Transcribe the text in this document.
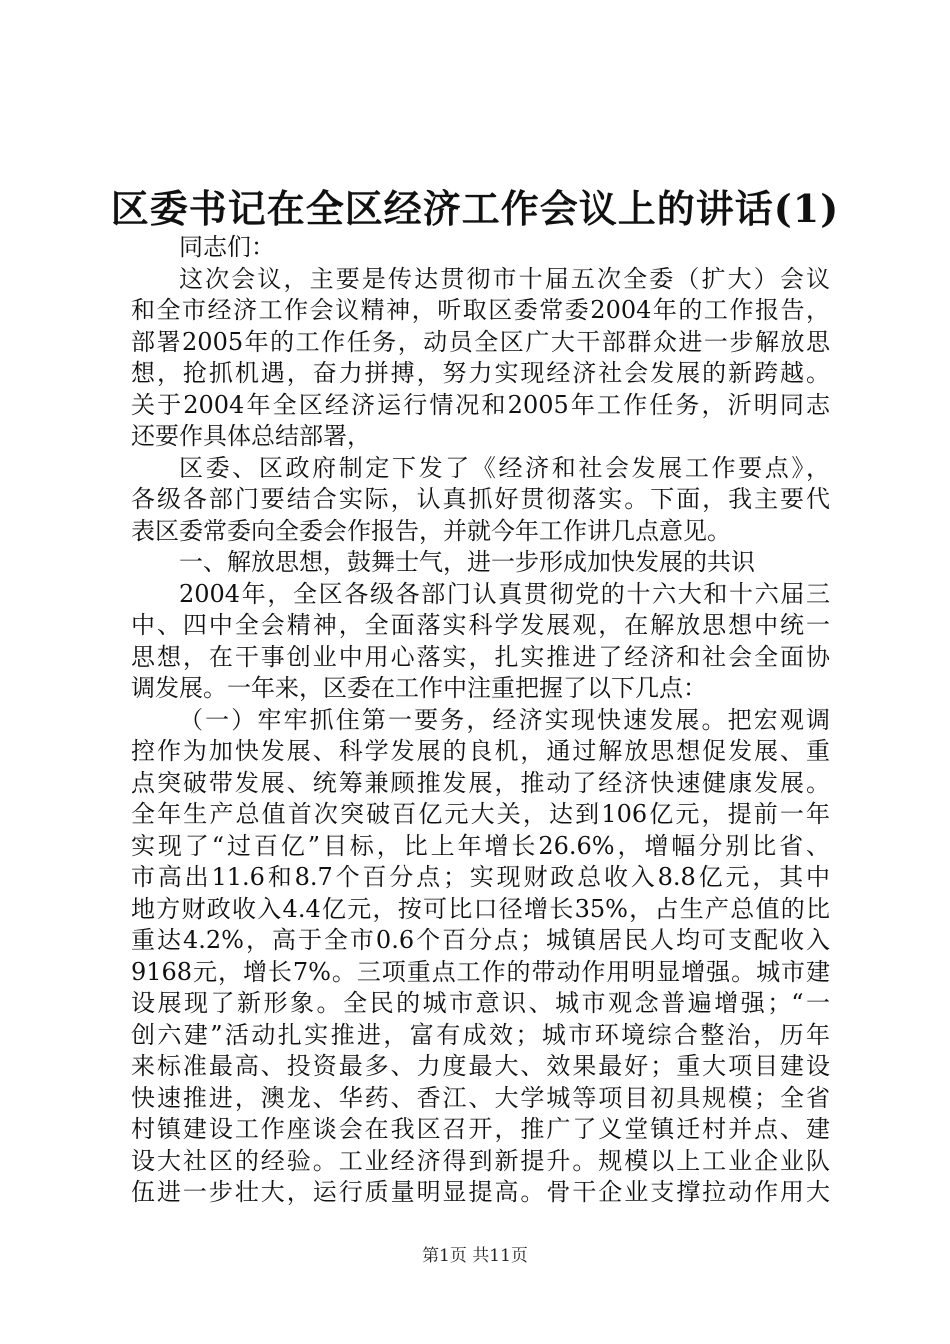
区委书记在全区经济工作会议上的讲话(1)
同志们：
这次会议，主要是传达贯彻市十届五次全委（扩大）会议
和全市经济工作会议精神，听取区委常委2004年的工作报告，
部署2005年的工作任务，动员全区广大干部群众进一步解放思
想，抢抓机遇，奋力拼搏，努力实现经济社会发展的新跨越。
关于2004年全区经济运行情况和2005年工作任务，沂明同志
还要作具体总结部署，
区委、区政府制定下发了《经济和社会发展工作要点》，
各级各部门要结合实际，认真抓好贯彻落实。下面，我主要代
表区委常委向全委会作报告，并就今年工作讲几点意见。
一、解放思想，鼓舞士气，进一步形成加快发展的共识
2004年，全区各级各部门认真贯彻党的十六大和十六届三
中、四中全会精神，全面落实科学发展观，在解放思想中统一
思想，在干事创业中用心落实，扎实推进了经济和社会全面协
调发展。一年来，区委在工作中注重把握了以下几点：
（一）牢牢抓住第一要务，经济实现快速发展。把宏观调
控作为加快发展、科学发展的良机，通过解放思想促发展、重
点突破带发展、统筹兼顾推发展，推动了经济快速健康发展。
全年生产总值首次突破百亿元大关，达到106亿元，提前一年
实现了“过百亿”目标，比上年增长26.6%，增幅分别比省、
市高出11.6和8.7个百分点；实现财政总收入8.8亿元，其中
地方财政收入4.4亿元，按可比口径增长35%，占生产总值的比
重达4.2%，高于全市0.6个百分点；城镇居民人均可支配收入
9168元，增长7%。三项重点工作的带动作用明显增强。城市建
设展现了新形象。全民的城市意识、城市观念普遍增强；“一
创六建”活动扎实推进，富有成效；城市环境综合整治，历年
来标准最高、投资最多、力度最大、效果最好；重大项目建设
快速推进，澳龙、华药、香江、大学城等项目初具规模；全省
村镇建设工作座谈会在我区召开，推广了义堂镇迁村并点、建
设大社区的经验。工业经济得到新提升。规模以上工业企业队
伍进一步壮大，运行质量明显提高。骨干企业支撑拉动作用大
第1页 共11页
